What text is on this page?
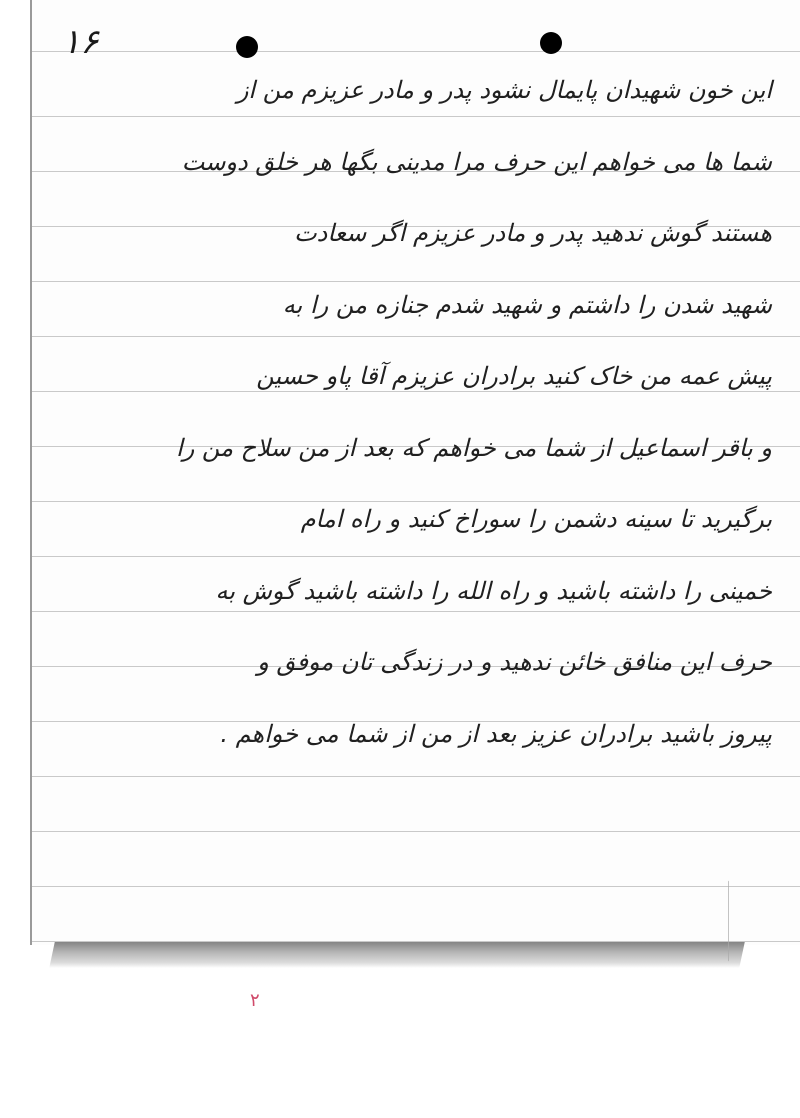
۱۶
این خون شهیدان پایمال نشود پدر و مادر عزیزم من از
شما ها می خواهم این حرف مرا مدینی بگها هر خلق دوست
هستند گوش ندهید پدر و مادر عزیزم اگر سعادت
شهید شدن را داشتم و شهید شدم جنازه من را به
پیش عمه من خاک کنید برادران عزیزم آقا پاو حسین
و باقر اسماعیل از شما می خواهم که بعد از من سلاح من را
برگیرید تا سینه دشمن را سوراخ کنید و راه امام
خمینی را داشته باشید و راه الله را داشته باشید گوش به
حرف این منافق خائن ندهید و در زندگی تان موفق و
پیروز باشید برادران عزیز بعد از من از شما می خواهم .
۲
